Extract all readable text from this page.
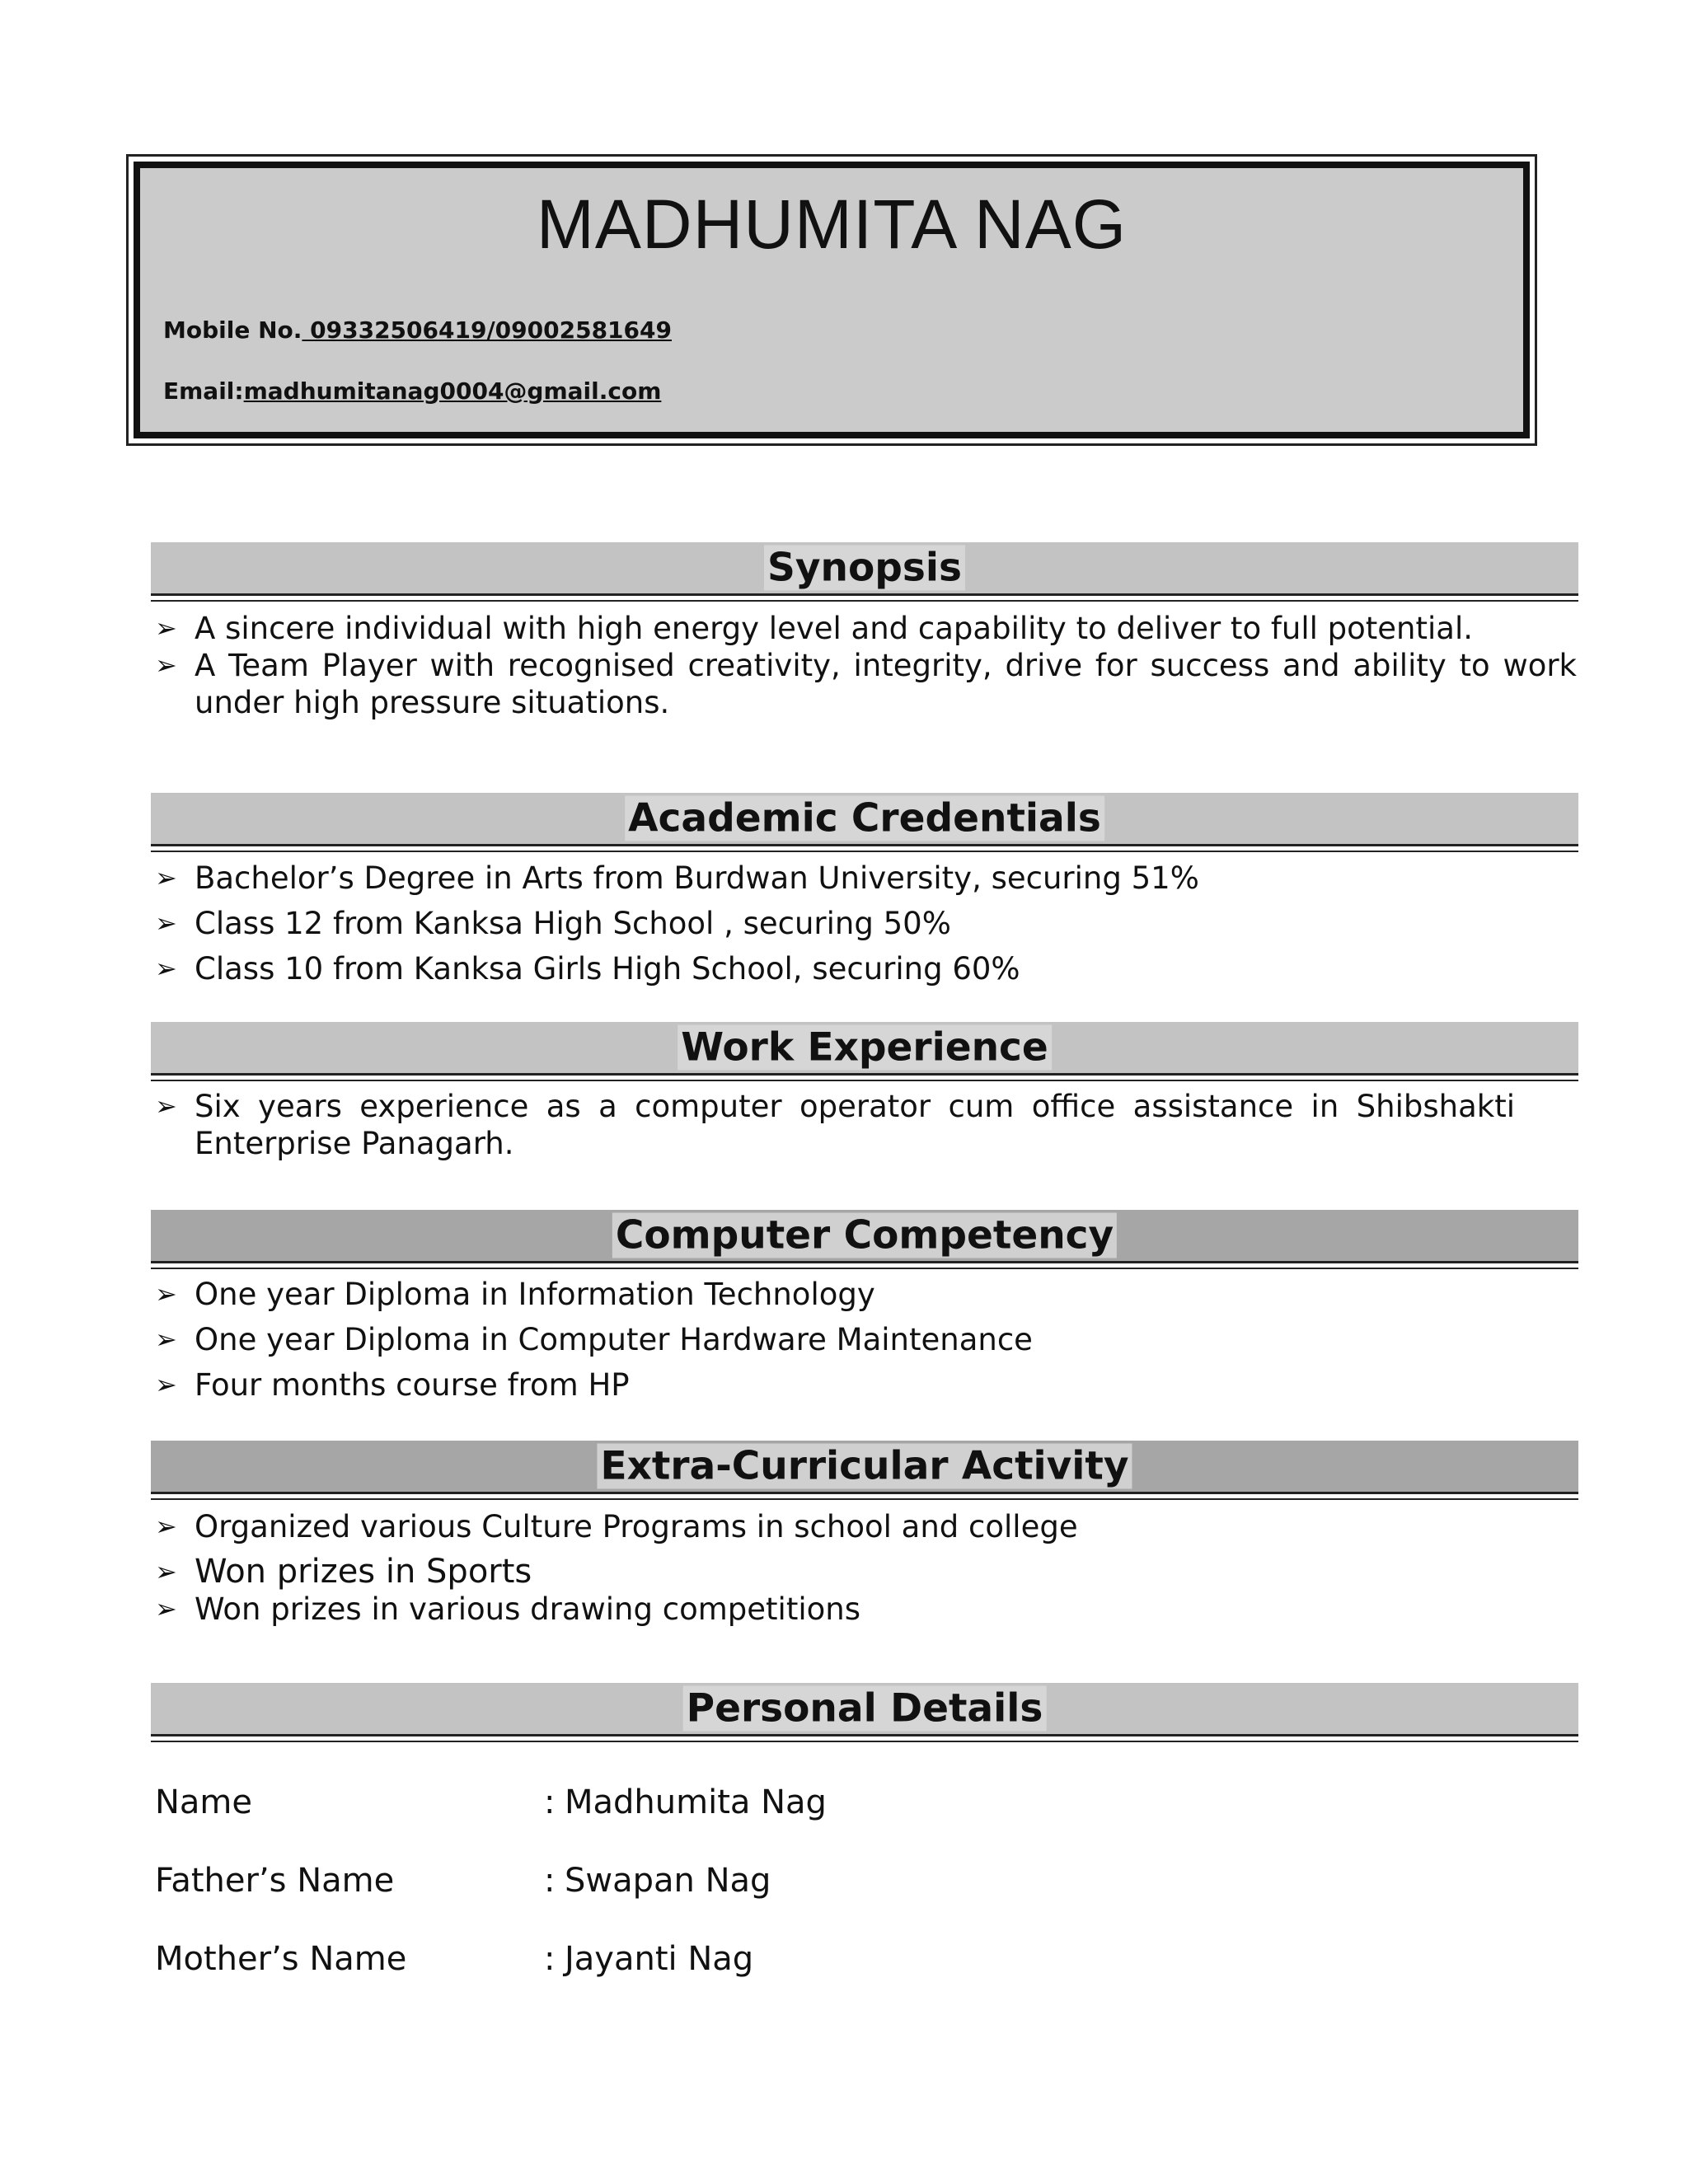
MADHUMITA NAG
Mobile No. 09332506419/09002581649
Email:madhumitanag0004@gmail.com
Synopsis
➢ A sincere individual with high energy level and capability to deliver to full potential.
➢ A Team Player with recognised creativity, integrity, drive for success and ability to work under high pressure situations.
Academic Credentials
➢ Bachelor’s Degree in Arts from Burdwan University, securing 51%
➢ Class 12 from Kanksa High School , securing 50%
➢ Class 10 from Kanksa Girls High School, securing 60%
Work Experience
➢ Six years experience as a computer operator cum office assistance in Shibshakti Enterprise Panagarh.
Computer Competency
➢ One year Diploma in Information Technology
➢ One year Diploma in Computer Hardware Maintenance
➢ Four months course from HP
Extra-Curricular Activity
➢ Organized various Culture Programs in school and college
➢ Won prizes in Sports
➢ Won prizes in various drawing competitions
Personal Details
Name	: Madhumita Nag
Father’s Name	: Swapan Nag
Mother’s Name	: Jayanti Nag
